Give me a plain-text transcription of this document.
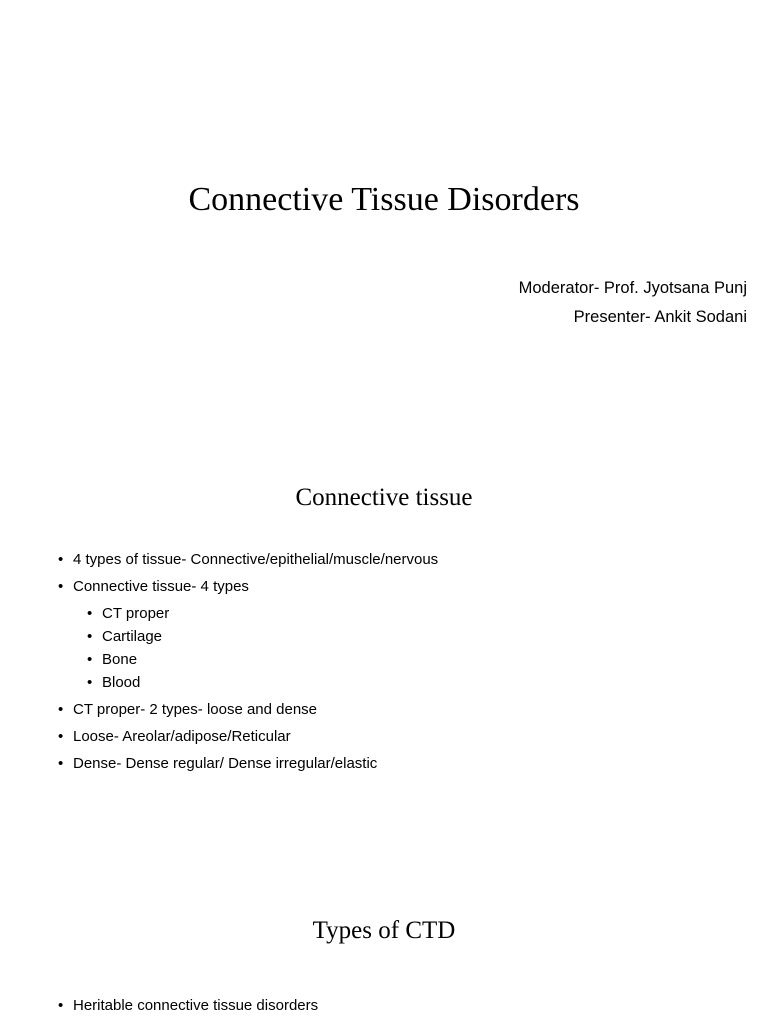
Connective Tissue Disorders
Moderator- Prof. Jyotsana Punj
Presenter- Ankit Sodani
Connective tissue
• 4 types of tissue- Connective/epithelial/muscle/nervous
• Connective tissue- 4 types
• CT proper
• Cartilage
• Bone
• Blood
• CT proper- 2 types- loose and dense
• Loose- Areolar/adipose/Reticular
• Dense- Dense regular/ Dense irregular/elastic
Types of CTD
• Heritable connective tissue disorders
